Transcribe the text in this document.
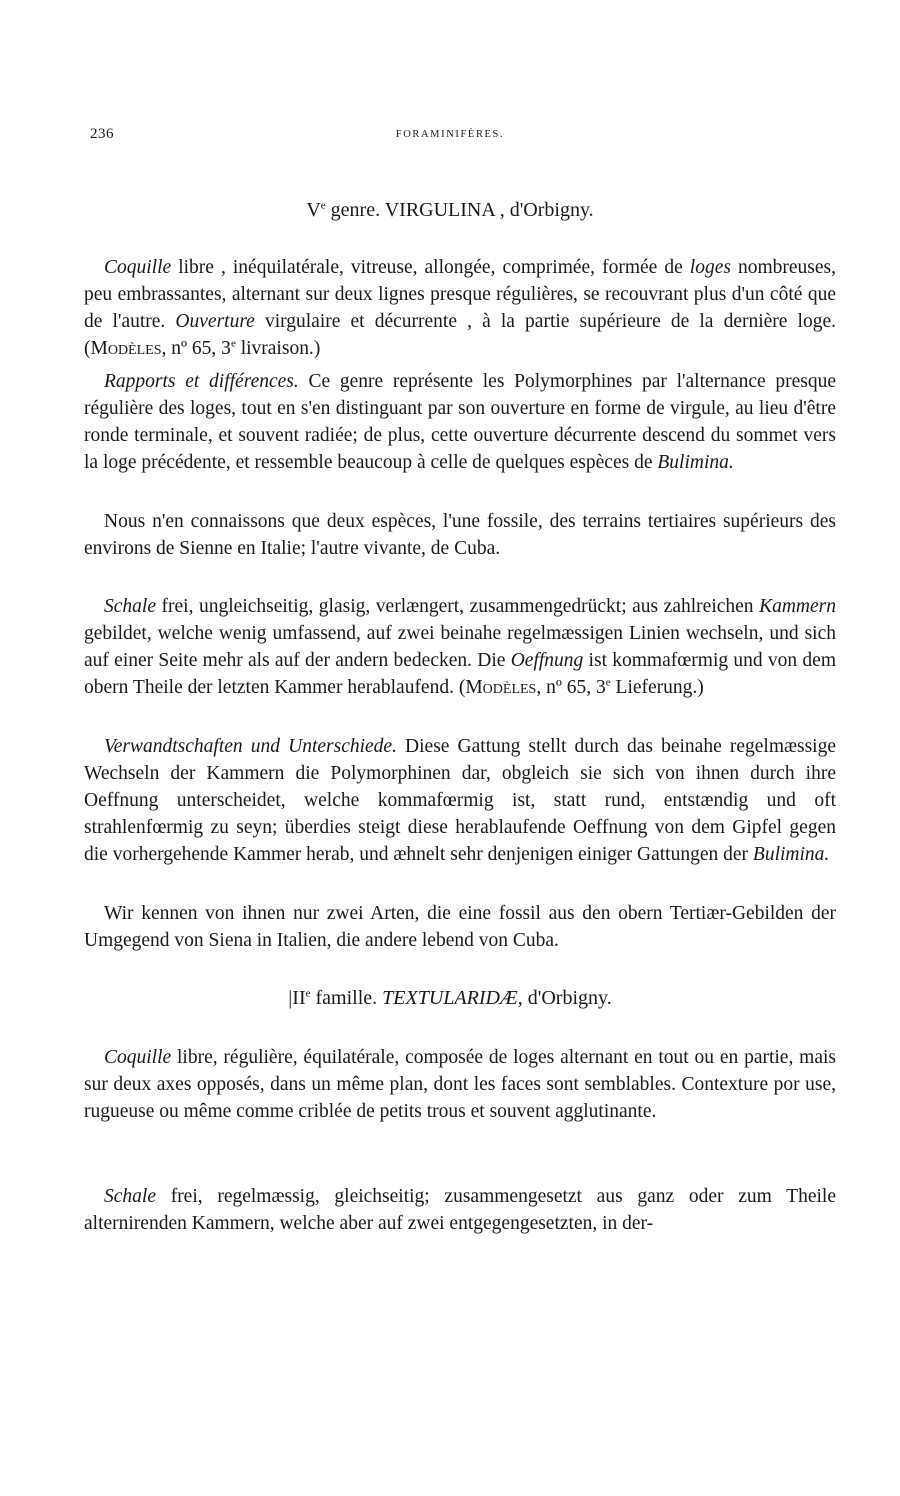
236	FORAMINIFÈRES.
Ve genre. VIRGULINA , d'Orbigny.
Coquille libre , inéquilatérale, vitreuse, allongée, comprimée, formée de loges nombreuses, peu embrassantes, alternant sur deux lignes presque régulières, se recouvrant plus d'un côté que de l'autre. Ouverture virgulaire et décurrente , à la partie supérieure de la dernière loge. (Modèles, nº 65, 3e livraison.)
Rapports et différences. Ce genre représente les Polymorphines par l'alternance presque régulière des loges, tout en s'en distinguant par son ouverture en forme de virgule, au lieu d'être ronde terminale, et souvent radiée; de plus, cette ouverture décurrente descend du sommet vers la loge précédente, et ressemble beaucoup à celle de quelques espèces de Bulimina.
Nous n'en connaissons que deux espèces, l'une fossile, des terrains tertiaires supérieurs des environs de Sienne en Italie; l'autre vivante, de Cuba.
Schale frei, ungleichseitig, glasig, verlængert, zusammengedrückt; aus zahlreichen Kammern gebildet, welche wenig umfassend, auf zwei beinahe regelmæssigen Linien wechseln, und sich auf einer Seite mehr als auf der andern bedecken. Die Oeffnung ist kommafœrmig und von dem obern Theile der letzten Kammer herablaufend. (Modèles, nº 65, 3e Lieferung.)
Verwandtschaften und Unterschiede. Diese Gattung stellt durch das beinahe regelmæssige Wechseln der Kammern die Polymorphinen dar, obgleich sie sich von ihnen durch ihre Oeffnung unterscheidet, welche kommafœrmig ist, statt rund, entstændig und oft strahlenfœrmig zu seyn; überdies steigt diese herablaufende Oeffnung von dem Gipfel gegen die vorhergehende Kammer herab, und æhnelt sehr denjenigen einiger Gattungen der Bulimina.
Wir kennen von ihnen nur zwei Arten, die eine fossil aus den obern Tertiær-Gebilden der Umgegend von Siena in Italien, die andere lebend von Cuba.
|IIe famille. TEXTULARIDÆ, d'Orbigny.
Coquille libre, régulière, équilatérale, composée de loges alternant en tout ou en partie, mais sur deux axes opposés, dans un même plan, dont les faces sont semblables. Contexture por use, rugueuse ou même comme criblée de petits trous et souvent agglutinante.
Schale frei, regelmæssig, gleichseitig; zusammengesetzt aus ganz oder zum Theile alternirenden Kammern, welche aber auf zwei entgegengesetzten, in der-
